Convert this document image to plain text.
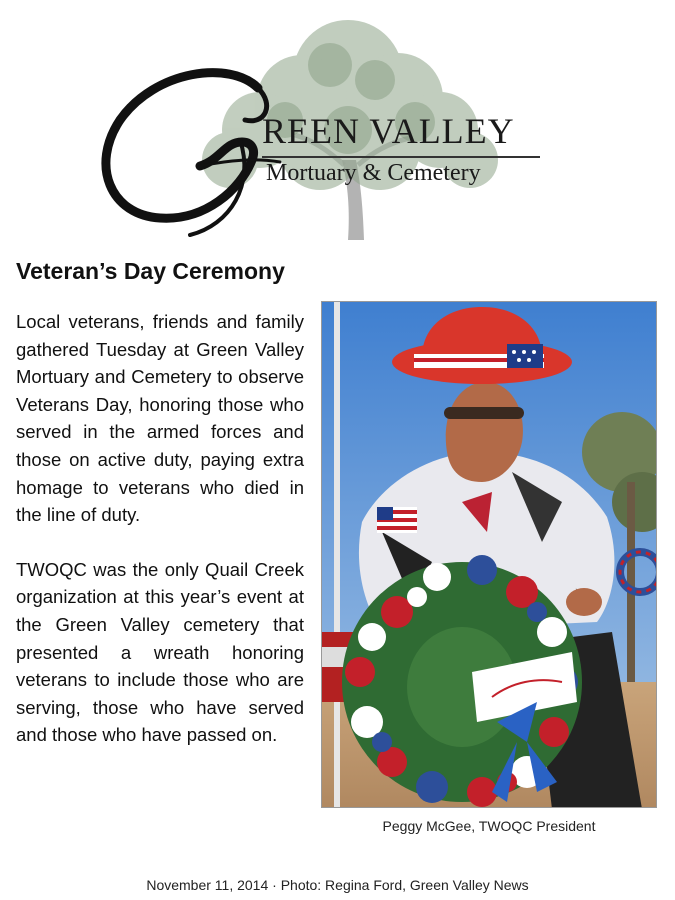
REEN VALLEY
Mortuary & Cemetery
Veteran’s Day Ceremony

Local veterans, friends and family gathered Tuesday at Green Valley Mortuary and Cemetery to observe Veterans Day, honoring those who served in the armed forces and those on active duty, paying extra homage to veterans who died in the line of duty.

TWOQC was the only Quail Creek organization at this year’s event at the Green Valley cemetery that presented a wreath honoring veterans to include those who are serving, those who have served and those who have passed on.

Peggy McGee, TWOQC President
November 11, 2014 · Photo: Regina Ford, Green Valley News
